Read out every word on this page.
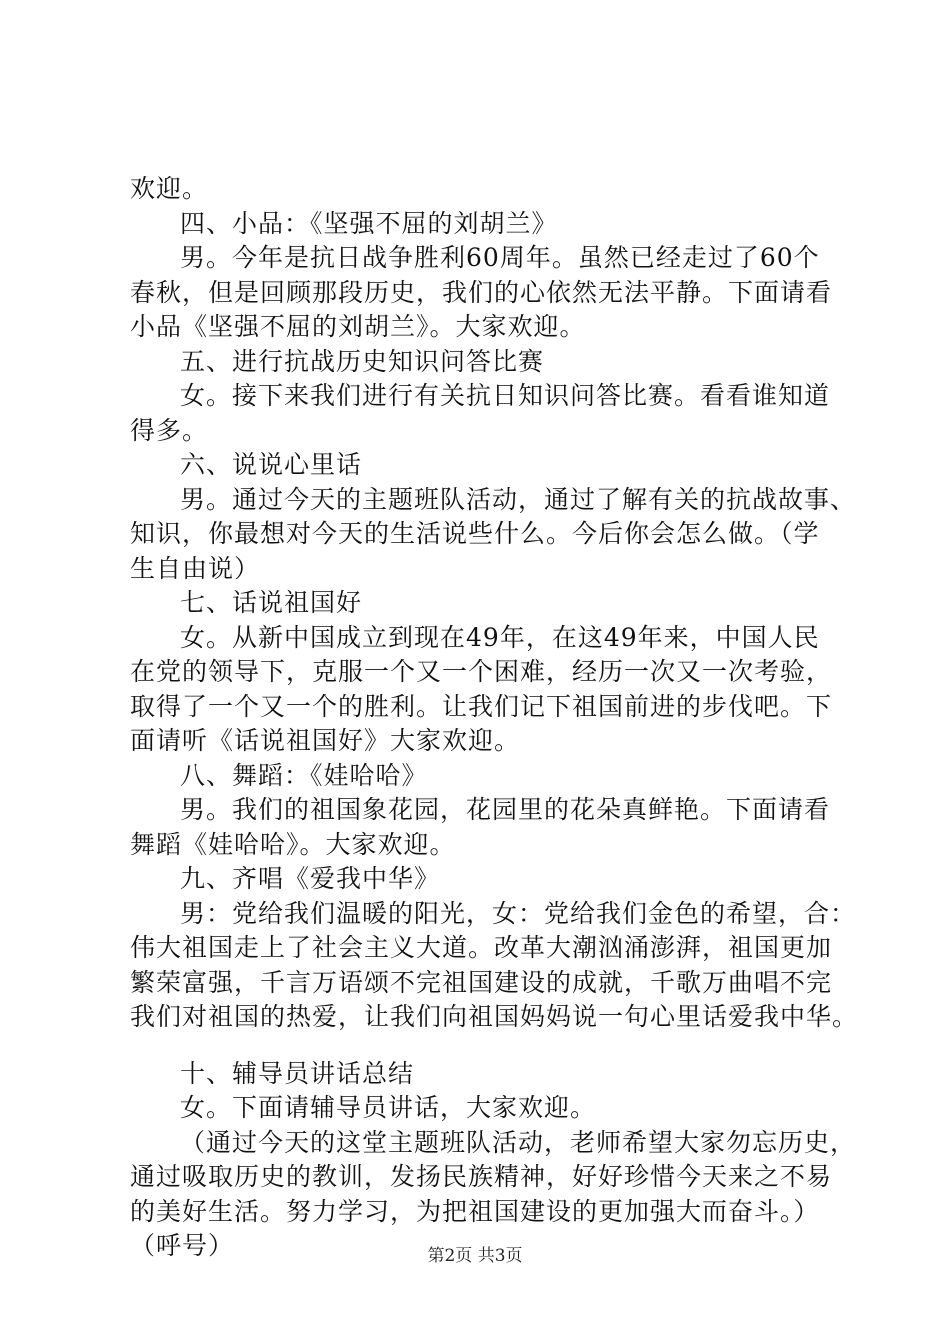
欢迎。
四、小品：《坚强不屈的刘胡兰》
男。今年是抗日战争胜利60周年。虽然已经走过了60个
春秋，但是回顾那段历史，我们的心依然无法平静。下面请看
小品《坚强不屈的刘胡兰》。大家欢迎。
五、进行抗战历史知识问答比赛
女。接下来我们进行有关抗日知识问答比赛。看看谁知道
得多。
六、说说心里话
男。通过今天的主题班队活动，通过了解有关的抗战故事、
知识，你最想对今天的生活说些什么。今后你会怎么做。（学
生自由说）
七、话说祖国好
女。从新中国成立到现在49年，在这49年来，中国人民
在党的领导下，克服一个又一个困难，经历一次又一次考验，
取得了一个又一个的胜利。让我们记下祖国前进的步伐吧。下
面请听《话说祖国好》大家欢迎。
八、舞蹈：《娃哈哈》
男。我们的祖国象花园，花园里的花朵真鲜艳。下面请看
舞蹈《娃哈哈》。大家欢迎。
九、齐唱《爱我中华》
男：党给我们温暖的阳光，女：党给我们金色的希望，合：
伟大祖国走上了社会主义大道。改革大潮汹涌澎湃，祖国更加
繁荣富强，千言万语颂不完祖国建设的成就，千歌万曲唱不完
我们对祖国的热爱，让我们向祖国妈妈说一句心里话爱我中华。
十、辅导员讲话总结
女。下面请辅导员讲话，大家欢迎。
（通过今天的这堂主题班队活动，老师希望大家勿忘历史，
通过吸取历史的教训，发扬民族精神，好好珍惜今天来之不易
的美好生活。努力学习，为把祖国建设的更加强大而奋斗。）
（呼号）	第2页 共3页
